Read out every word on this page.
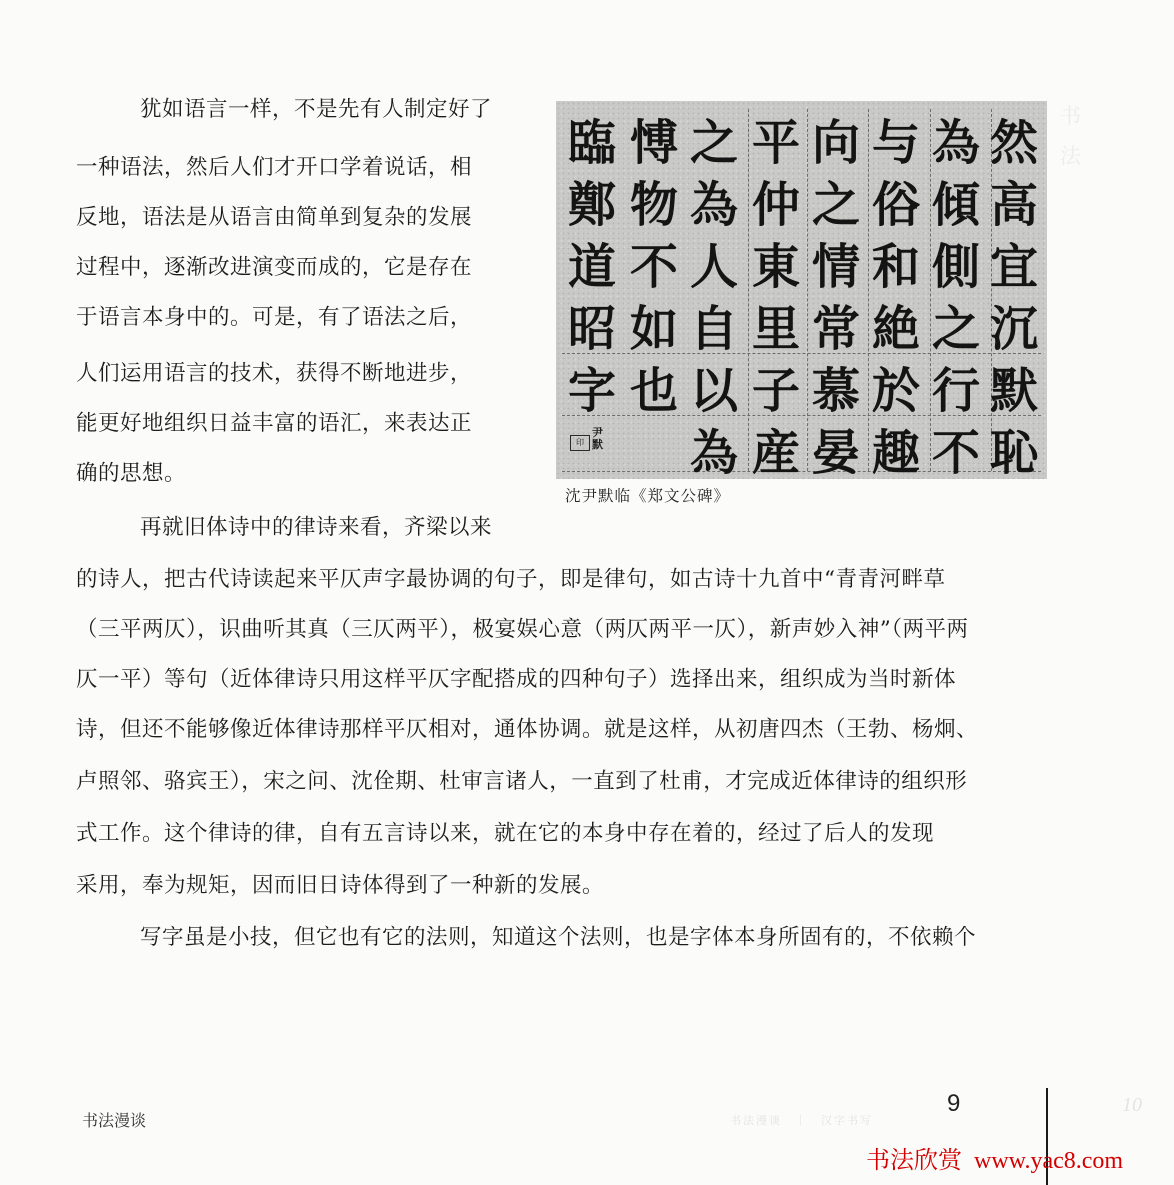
书
法
犹如语言一样，不是先有人制定好了
一种语法，然后人们才开口学着说话，相
反地，语法是从语言由简单到复杂的发展
过程中，逐渐改进演变而成的，它是存在
于语言本身中的。可是，有了语法之后，
人们运用语言的技术，获得不断地进步，
能更好地组织日益丰富的语汇，来表达正
确的思想。
然
高
宜
沉
默
恥
為
傾
側
之
行
不
与
俗
和
絶
於
趣
向
之
情
常
慕
晏
平
仲
東
里
子
産
之
為
人
自
以
為
愽
物
不
如
也
臨
鄭
道
昭
字
印
尹默
沈尹默临《郑文公碑》
再就旧体诗中的律诗来看，齐梁以来
的诗人，把古代诗读起来平仄声字最协调的句子，即是律句，如古诗十九首中“青青河畔草
（三平两仄），识曲听其真（三仄两平），极宴娱心意（两仄两平一仄），新声妙入神”（两平两
仄一平）等句（近体律诗只用这样平仄字配搭成的四种句子）选择出来，组织成为当时新体
诗，但还不能够像近体律诗那样平仄相对，通体协调。就是这样，从初唐四杰（王勃、杨炯、
卢照邻、骆宾王），宋之问、沈佺期、杜审言诸人，一直到了杜甫，才完成近体律诗的组织形
式工作。这个律诗的律，自有五言诗以来，就在它的本身中存在着的，经过了后人的发现
采用，奉为规矩，因而旧日诗体得到了一种新的发展。
写字虽是小技，但它也有它的法则，知道这个法则，也是字体本身所固有的，不依赖个
书法漫谈	书法漫谈　｜　汉字书写
9	10
书法欣赏 www.yac8.com
